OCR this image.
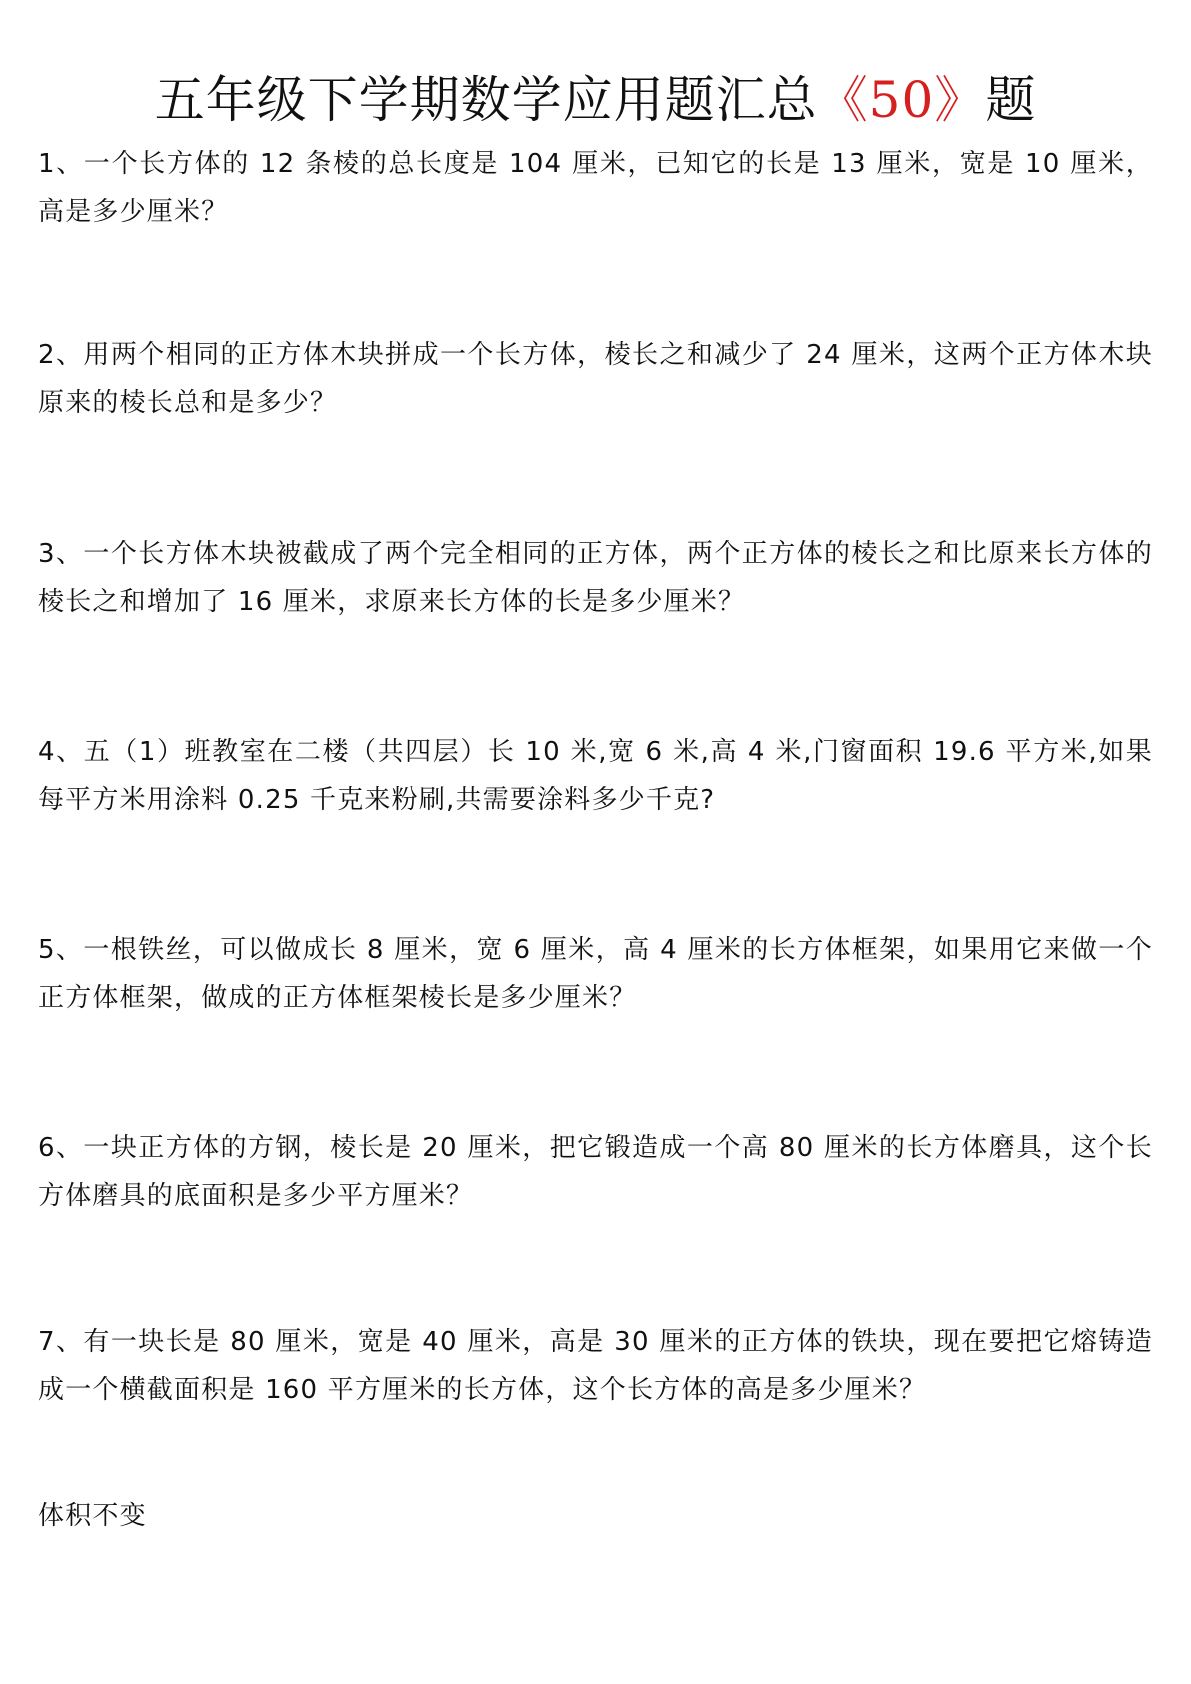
五年级下学期数学应用题汇总《50》题
1、一个长方体的 12 条棱的总长度是 104 厘米，已知它的长是 13 厘米，宽是 10 厘米，高是多少厘米？
2、用两个相同的正方体木块拼成一个长方体，棱长之和减少了 24 厘米，这两个正方体木块原来的棱长总和是多少？
3、一个长方体木块被截成了两个完全相同的正方体，两个正方体的棱长之和比原来长方体的棱长之和增加了 16 厘米，求原来长方体的长是多少厘米？
4、五（1）班教室在二楼（共四层）长 10 米,宽 6 米,高 4 米,门窗面积 19.6 平方米,如果每平方米用涂料 0.25 千克来粉刷,共需要涂料多少千克?
5、一根铁丝，可以做成长 8 厘米，宽 6 厘米，高 4 厘米的长方体框架，如果用它来做一个正方体框架，做成的正方体框架棱长是多少厘米？
6、一块正方体的方钢，棱长是 20 厘米，把它锻造成一个高 80 厘米的长方体磨具，这个长方体磨具的底面积是多少平方厘米？
7、有一块长是 80 厘米，宽是 40 厘米，高是 30 厘米的正方体的铁块，现在要把它熔铸造成一个横截面积是 160 平方厘米的长方体，这个长方体的高是多少厘米？
体积不变
